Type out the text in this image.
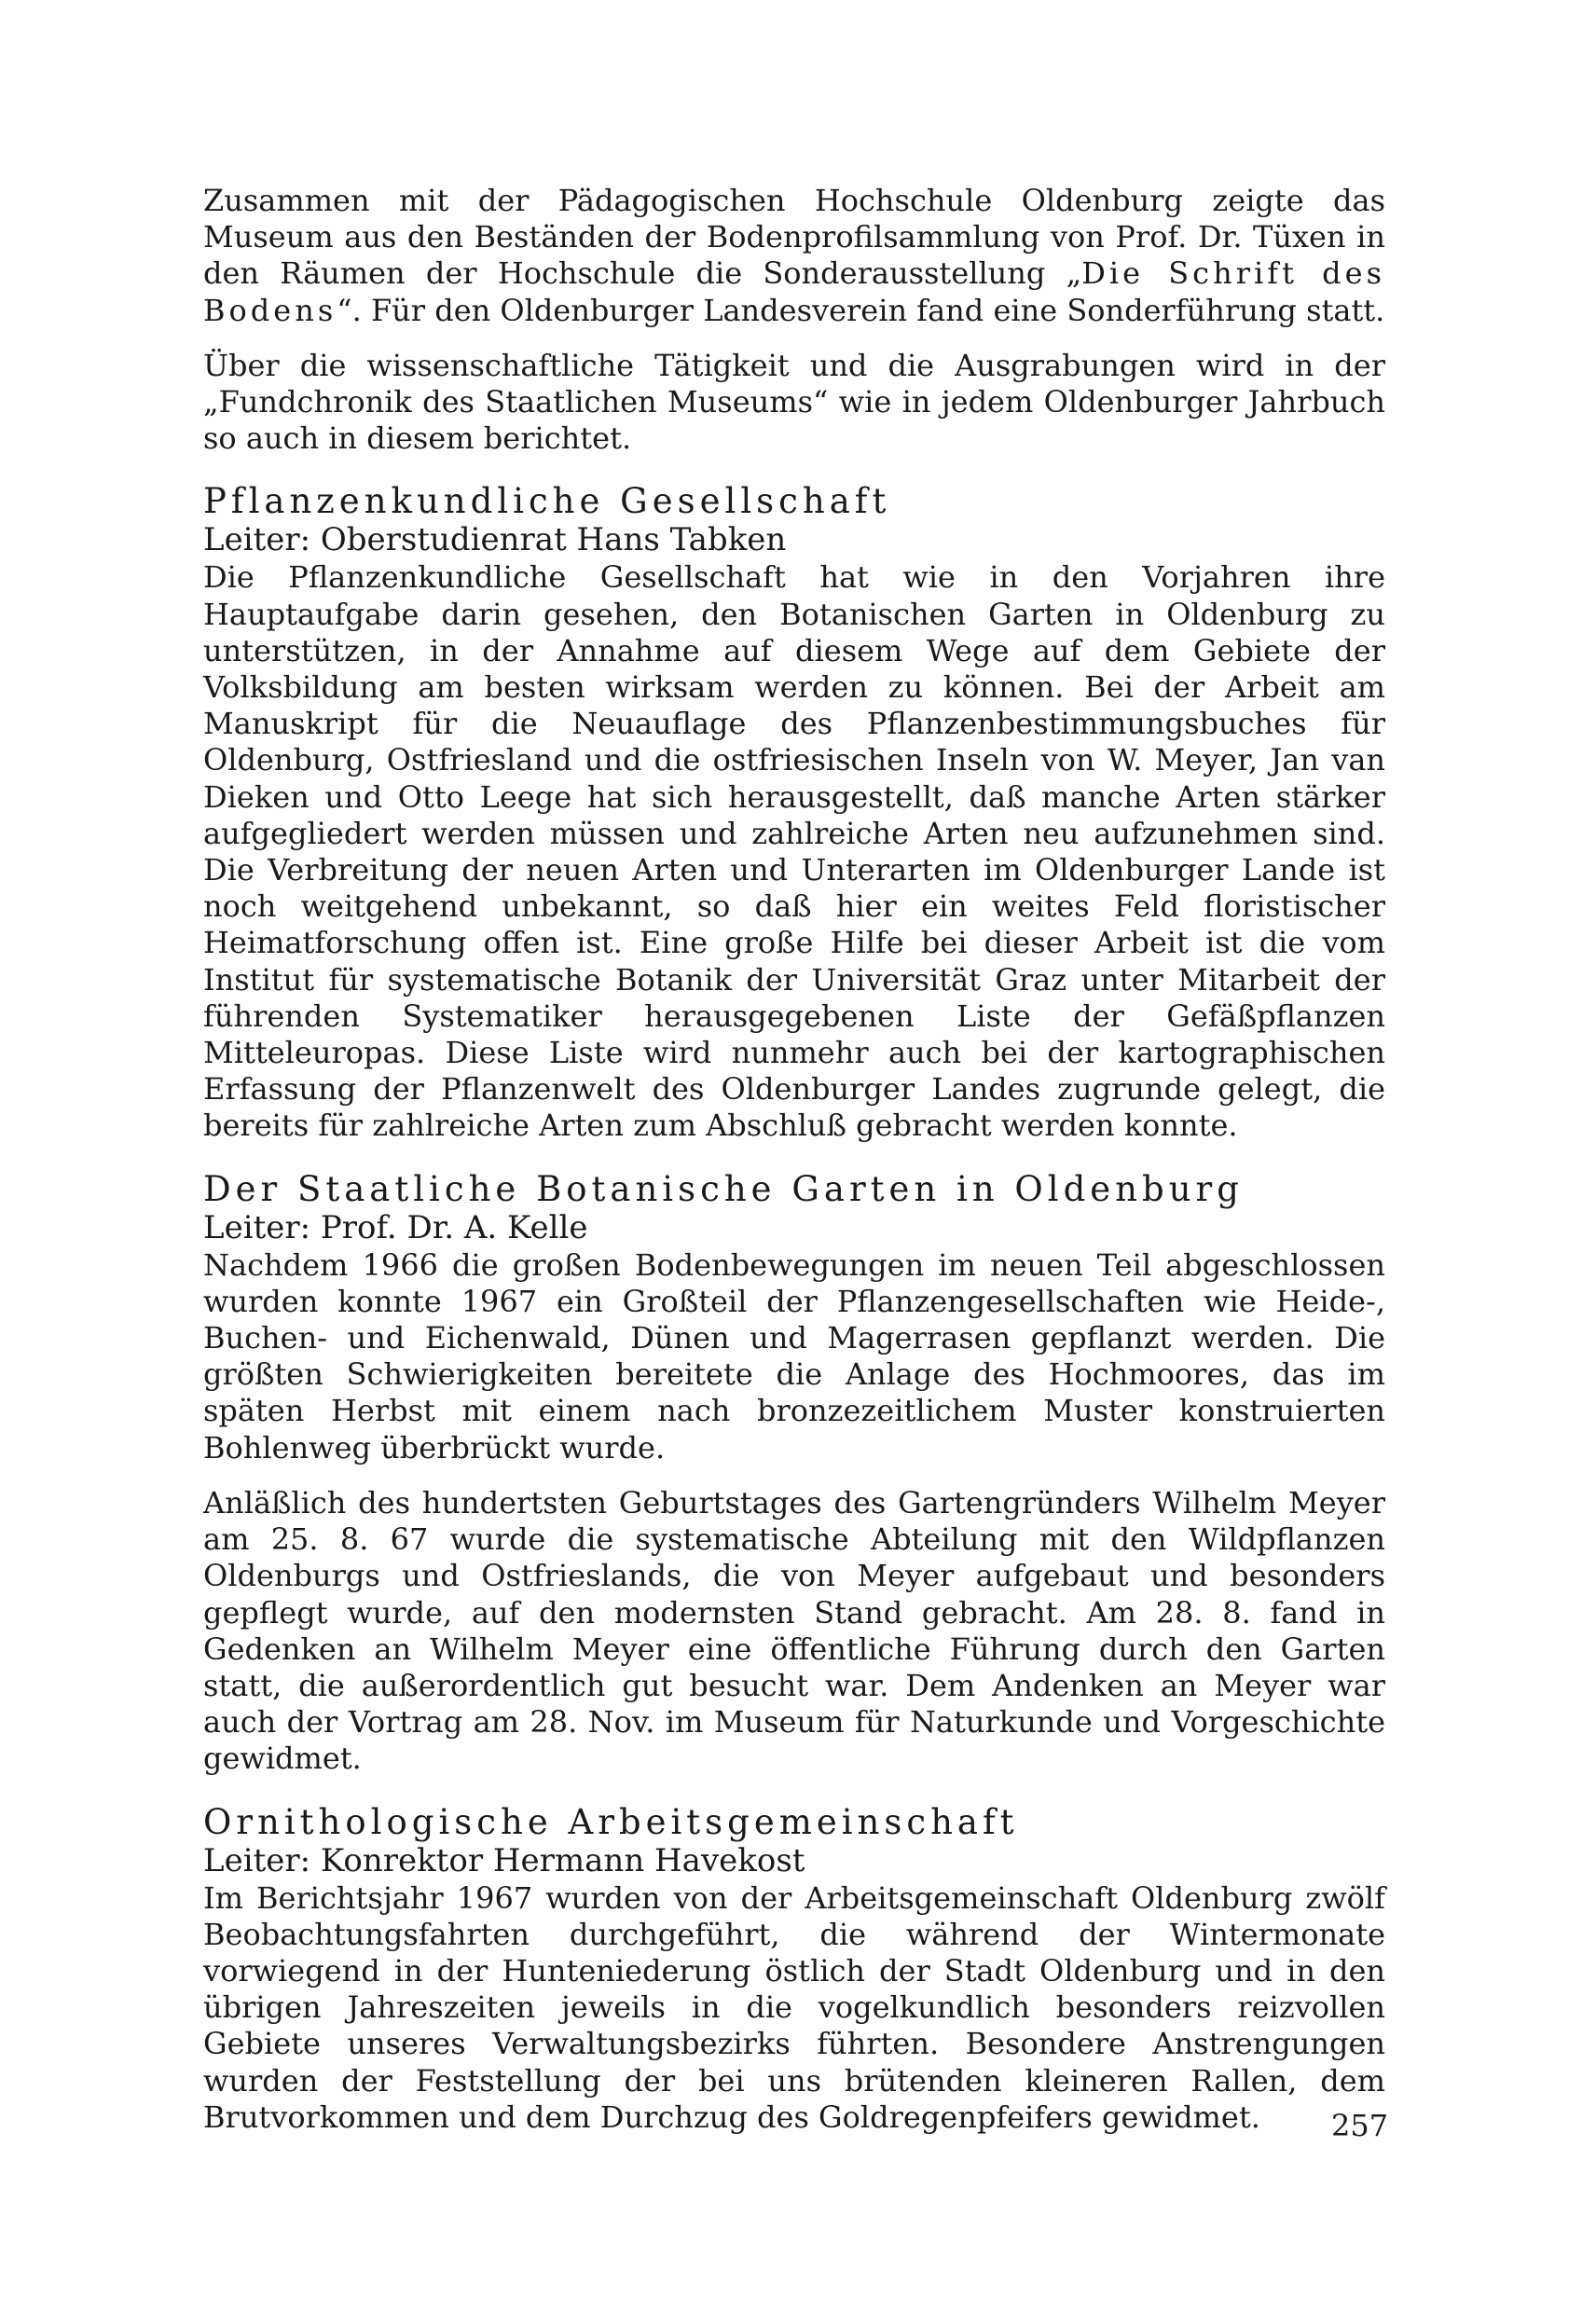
Zusammen mit der Pädagogischen Hochschule Oldenburg zeigte das Museum aus den Beständen der Bodenprofilsammlung von Prof. Dr. Tüxen in den Räumen der Hochschule die Sonderausstellung „Die Schrift des Bodens“. Für den Oldenburger Landesverein fand eine Sonderführung statt.

Über die wissenschaftliche Tätigkeit und die Ausgrabungen wird in der „Fundchronik des Staatlichen Museums“ wie in jedem Oldenburger Jahrbuch so auch in diesem berichtet.

Pflanzenkundliche Gesellschaft
Leiter: Oberstudienrat Hans Tabken

Die Pflanzenkundliche Gesellschaft hat wie in den Vorjahren ihre Hauptaufgabe darin gesehen, den Botanischen Garten in Oldenburg zu unterstützen, in der Annahme auf diesem Wege auf dem Gebiete der Volksbildung am besten wirksam werden zu können. Bei der Arbeit am Manuskript für die Neuauflage des Pflanzenbestimmungsbuches für Oldenburg, Ostfriesland und die ostfriesischen Inseln von W. Meyer, Jan van Dieken und Otto Leege hat sich herausgestellt, daß manche Arten stärker aufgegliedert werden müssen und zahlreiche Arten neu aufzunehmen sind. Die Verbreitung der neuen Arten und Unterarten im Oldenburger Lande ist noch weitgehend unbekannt, so daß hier ein weites Feld floristischer Heimatforschung offen ist. Eine große Hilfe bei dieser Arbeit ist die vom Institut für systematische Botanik der Universität Graz unter Mitarbeit der führenden Systematiker herausgegebenen Liste der Gefäßpflanzen Mitteleuropas. Diese Liste wird nunmehr auch bei der kartographischen Erfassung der Pflanzenwelt des Oldenburger Landes zugrunde gelegt, die bereits für zahlreiche Arten zum Abschluß gebracht werden konnte.

Der Staatliche Botanische Garten in Oldenburg
Leiter: Prof. Dr. A. Kelle

Nachdem 1966 die großen Bodenbewegungen im neuen Teil abgeschlossen wurden konnte 1967 ein Großteil der Pflanzengesellschaften wie Heide-, Buchen- und Eichenwald, Dünen und Magerrasen gepflanzt werden. Die größten Schwierigkeiten bereitete die Anlage des Hochmoores, das im späten Herbst mit einem nach bronzezeitlichem Muster konstruierten Bohlenweg überbrückt wurde.

Anläßlich des hundertsten Geburtstages des Gartengründers Wilhelm Meyer am 25. 8. 67 wurde die systematische Abteilung mit den Wildpflanzen Oldenburgs und Ostfrieslands, die von Meyer aufgebaut und besonders gepflegt wurde, auf den modernsten Stand gebracht. Am 28. 8. fand in Gedenken an Wilhelm Meyer eine öffentliche Führung durch den Garten statt, die außerordentlich gut besucht war. Dem Andenken an Meyer war auch der Vortrag am 28. Nov. im Museum für Naturkunde und Vorgeschichte gewidmet.

Ornithologische Arbeitsgemeinschaft
Leiter: Konrektor Hermann Havekost

Im Berichtsjahr 1967 wurden von der Arbeitsgemeinschaft Oldenburg zwölf Beobachtungsfahrten durchgeführt, die während der Wintermonate vorwiegend in der Hunteniederung östlich der Stadt Oldenburg und in den übrigen Jahreszeiten jeweils in die vogelkundlich besonders reizvollen Gebiete unseres Verwaltungsbezirks führten. Besondere Anstrengungen wurden der Feststellung der bei uns brütenden kleineren Rallen, dem Brutvorkommen und dem Durchzug des Goldregenpfeifers gewidmet.	257
